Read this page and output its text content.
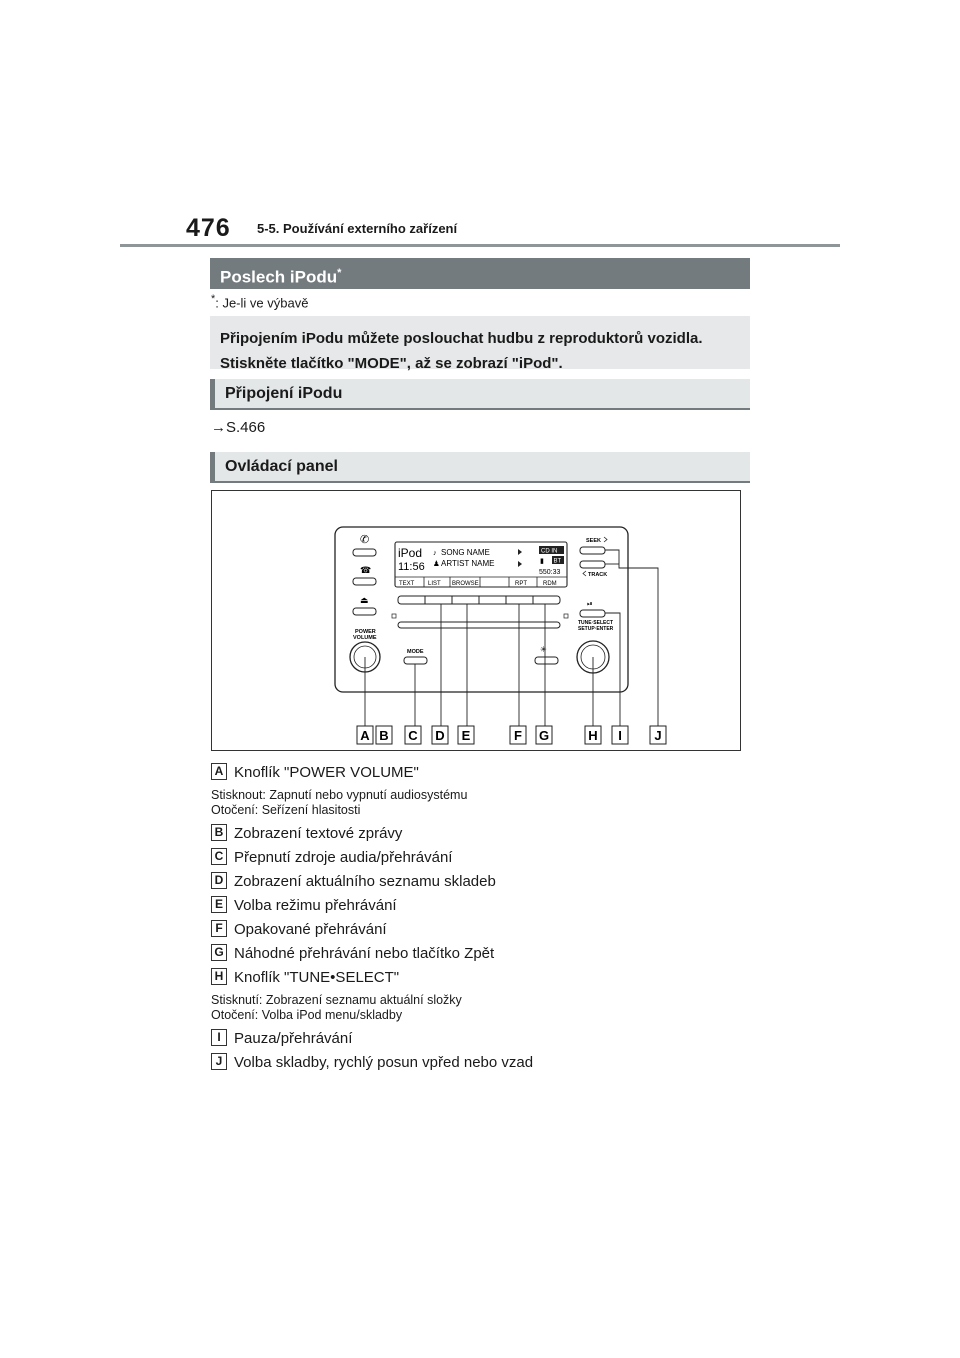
476 5-5. Používání externího zařízení
Poslech iPodu*
*: Je-li ve výbavě
Připojením iPodu můžete poslouchat hudbu z reproduktorů vozidla.
Stiskněte tlačítko "MODE", až se zobrazí "iPod".
Připojení iPodu
→S.466
Ovládací panel
iPod
11:56
♪ SONG NAME
♟ ARTIST NAME
CD IN
▮ BT
550:33
TEXT LIST BROWSE	RPT	RDM
✆
☎
⏏
POWER
VOLUME
MODE	✳
SEEK
TRACK
⏯
TUNE·SELECT
SETUP·ENTER
A B C D E	F G	H I	J
A Knoflík "POWER VOLUME"
Stisknout: Zapnutí nebo vypnutí audiosystému
Otočení: Seřízení hlasitosti
B Zobrazení textové zprávy
C Přepnutí zdroje audia/přehrávání
D Zobrazení aktuálního seznamu skladeb
E Volba režimu přehrávání
F Opakované přehrávání
G Náhodné přehrávání nebo tlačítko Zpět
H Knoflík "TUNE•SELECT"
Stisknutí: Zobrazení seznamu aktuální složky
Otočení: Volba iPod menu/skladby
I Pauza/přehrávání
J Volba skladby, rychlý posun vpřed nebo vzad
